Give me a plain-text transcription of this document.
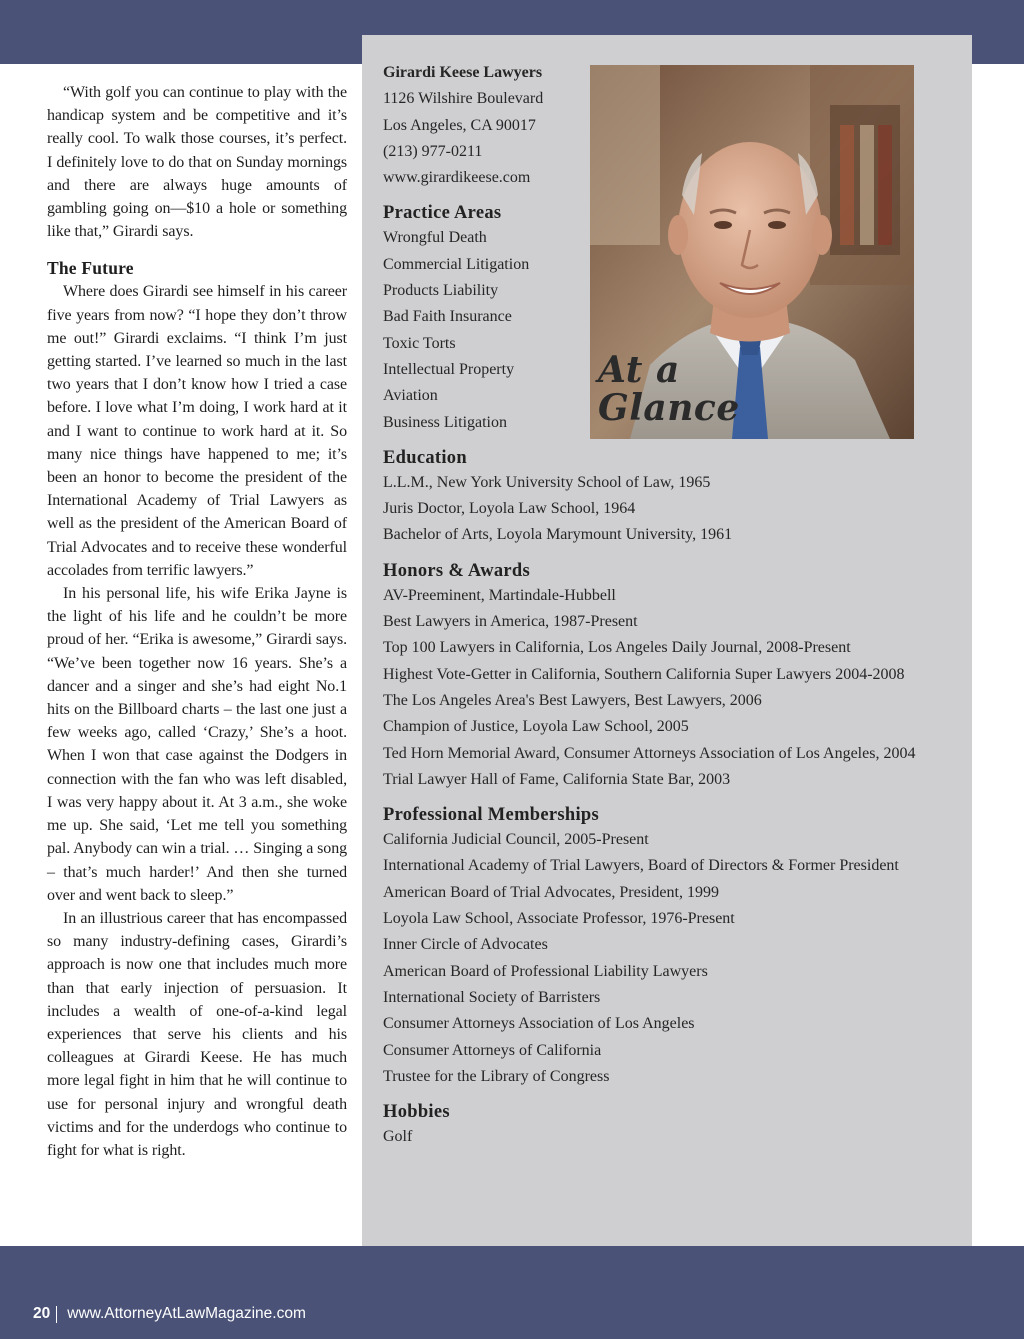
“With golf you can continue to play with the handicap system and be competitive and it’s really cool. To walk those courses, it’s perfect. I definitely love to do that on Sunday mornings and there are always huge amounts of gambling going on—$10 a hole or something like that,” Girardi says.

The Future

Where does Girardi see himself in his career five years from now? “I hope they don’t throw me out!” Girardi exclaims. “I think I’m just getting started. I’ve learned so much in the last two years that I don’t know how I tried a case before. I love what I’m doing, I work hard at it and I want to continue to work hard at it. So many nice things have happened to me; it’s been an honor to become the president of the International Academy of Trial Lawyers as well as the president of the American Board of Trial Advocates and to receive these wonderful accolades from terrific lawyers.”

In his personal life, his wife Erika Jayne is the light of his life and he couldn’t be more proud of her. “Erika is awesome,” Girardi says. “We’ve been together now 16 years. She’s a dancer and a singer and she’s had eight No.1 hits on the Billboard charts – the last one just a few weeks ago, called ‘Crazy,’ She’s a hoot. When I won that case against the Dodgers in connection with the fan who was left disabled, I was very happy about it. At 3 a.m., she woke me up. She said, ‘Let me tell you something pal. Anybody can win a trial. … Singing a song – that’s much harder!’ And then she turned over and went back to sleep.”

In an illustrious career that has encompassed so many industry-defining cases, Girardi’s approach is now one that includes much more than that early injection of persuasion. It includes a wealth of one-of-a-kind legal experiences that serve his clients and his colleagues at Girardi Keese. He has much more legal fight in him that he will continue to use for personal injury and wrongful death victims and for the underdogs who continue to fight for what is right.

Girardi Keese Lawyers
1126 Wilshire Boulevard
Los Angeles, CA 90017
(213) 977-0211
www.girardikeese.com
Practice Areas
Wrongful Death
Commercial Litigation
Products Liability
Bad Faith Insurance
Toxic Torts
Intellectual Property
Aviation
Business Litigation
Education
L.L.M., New York University School of Law, 1965
Juris Doctor, Loyola Law School, 1964
Bachelor of Arts, Loyola Marymount University, 1961
Honors & Awards
AV-Preeminent, Martindale-Hubbell
Best Lawyers in America, 1987-Present
Top 100 Lawyers in California, Los Angeles Daily Journal, 2008-Present
Highest Vote-Getter in California, Southern California Super Lawyers 2004-2008
The Los Angeles Area's Best Lawyers, Best Lawyers, 2006
Champion of Justice, Loyola Law School, 2005
Ted Horn Memorial Award, Consumer Attorneys Association of Los Angeles, 2004
Trial Lawyer Hall of Fame, California State Bar, 2003
Professional Memberships
California Judicial Council, 2005-Present
International Academy of Trial Lawyers, Board of Directors & Former President
American Board of Trial Advocates, President, 1999
Loyola Law School, Associate Professor, 1976-Present
Inner Circle of Advocates
American Board of Professional Liability Lawyers
International Society of Barristers
Consumer Attorneys Association of Los Angeles
Consumer Attorneys of California
Trustee for the Library of Congress
Hobbies
Golf
At a
Glance
20 www.AttorneyAtLawMagazine.com
